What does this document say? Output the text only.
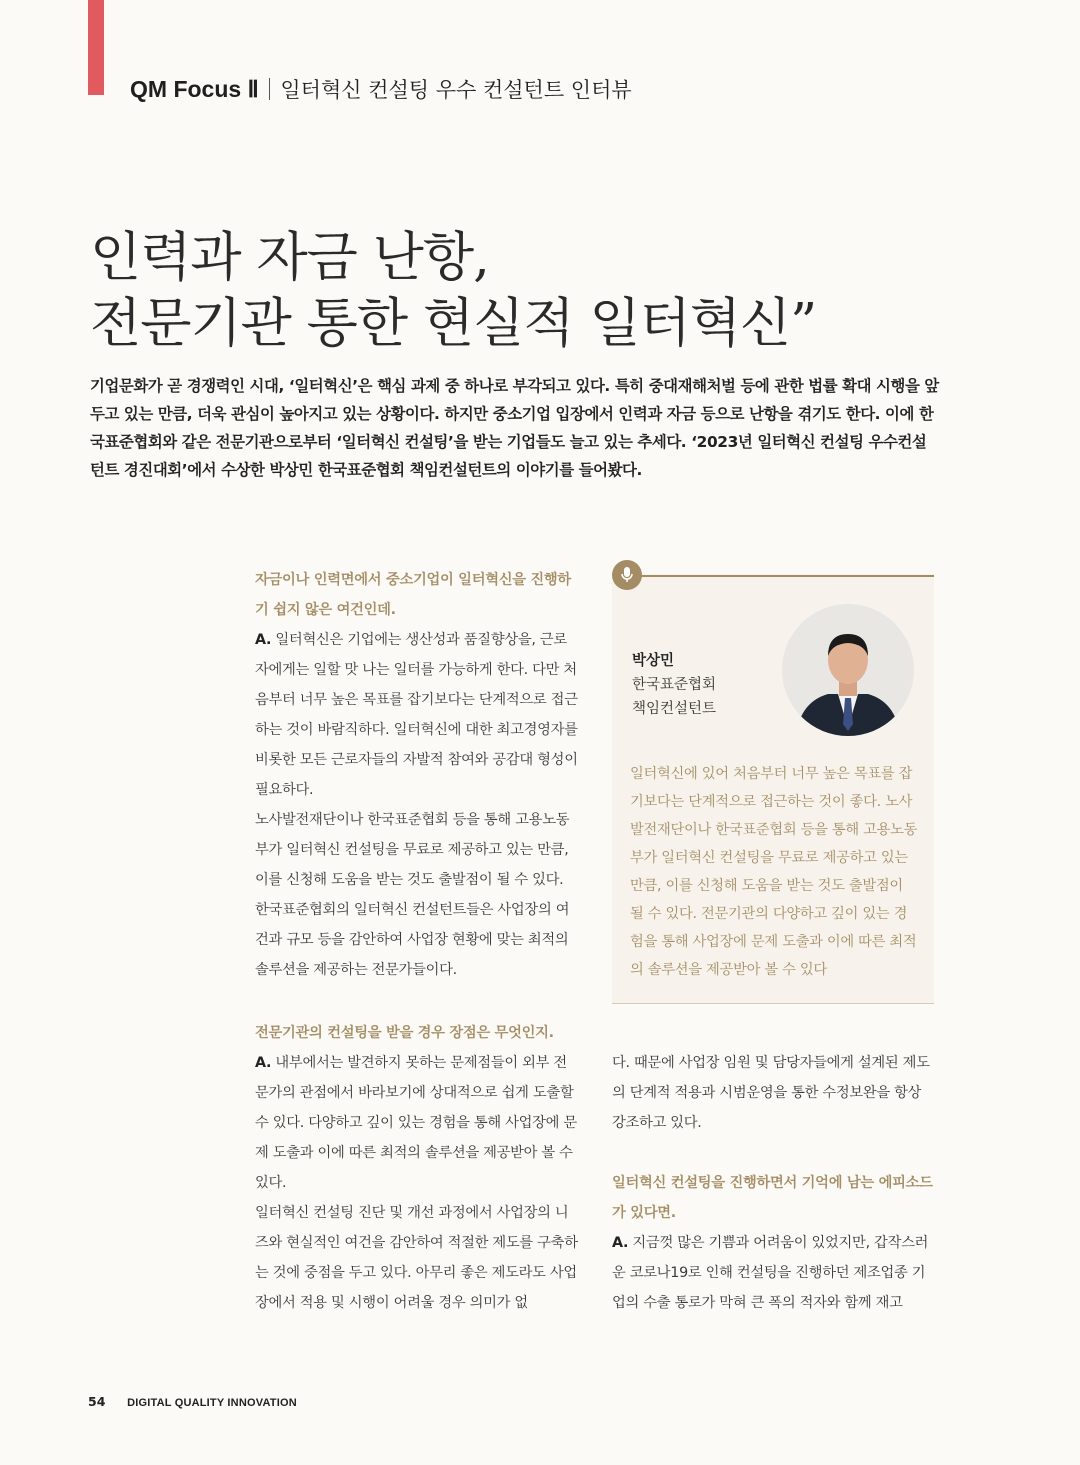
QM Focus Ⅱ 일터혁신 컨설팅 우수 컨설턴트 인터뷰
인력과 자금 난항,
전문기관 통한 현실적 일터혁신”

기업문화가 곧 경쟁력인 시대, ‘일터혁신’은 핵심 과제 중 하나로 부각되고 있다. 특히 중대재해처벌 등에 관한 법률 확대 시행을 앞두고 있는 만큼, 더욱 관심이 높아지고 있는 상황이다. 하지만 중소기업 입장에서 인력과 자금 등으로 난항을 겪기도 한다. 이에 한국표준협회와 같은 전문기관으로부터 ‘일터혁신 컨설팅’을 받는 기업들도 늘고 있는 추세다. ‘2023년 일터혁신 컨설팅 우수컨설턴트 경진대회’에서 수상한 박상민 한국표준협회 책임컨설턴트의 이야기를 들어봤다.

자금이나 인력면에서 중소기업이 일터혁신을 진행하기 쉽지 않은 여건인데.

A. 일터혁신은 기업에는 생산성과 품질향상을, 근로자에게는 일할 맛 나는 일터를 가능하게 한다. 다만 처음부터 너무 높은 목표를 잡기보다는 단계적으로 접근하는 것이 바람직하다. 일터혁신에 대한 최고경영자를 비롯한 모든 근로자들의 자발적 참여와 공감대 형성이 필요하다.

노사발전재단이나 한국표준협회 등을 통해 고용노동부가 일터혁신 컨설팅을 무료로 제공하고 있는 만큼, 이를 신청해 도움을 받는 것도 출발점이 될 수 있다. 한국표준협회의 일터혁신 컨설턴트들은 사업장의 여건과 규모 등을 감안하여 사업장 현황에 맞는 최적의 솔루션을 제공하는 전문가들이다.

전문기관의 컨설팅을 받을 경우 장점은 무엇인지.

A. 내부에서는 발견하지 못하는 문제점들이 외부 전문가의 관점에서 바라보기에 상대적으로 쉽게 도출할 수 있다. 다양하고 깊이 있는 경험을 통해 사업장에 문제 도출과 이에 따른 최적의 솔루션을 제공받아 볼 수 있다.

일터혁신 컨설팅 진단 및 개선 과정에서 사업장의 니즈와 현실적인 여건을 감안하여 적절한 제도를 구축하는 것에 중점을 두고 있다. 아무리 좋은 제도라도 사업장에서 적용 및 시행이 어려울 경우 의미가 없

박상민
한국표준협회
책임컨설턴트
일터혁신에 있어 처음부터 너무 높은 목표를 잡기보다는 단계적으로 접근하는 것이 좋다. 노사발전재단이나 한국표준협회 등을 통해 고용노동부가 일터혁신 컨설팅을 무료로 제공하고 있는 만큼, 이를 신청해 도움을 받는 것도 출발점이 될 수 있다. 전문기관의 다양하고 깊이 있는 경험을 통해 사업장에 문제 도출과 이에 따른 최적의 솔루션을 제공받아 볼 수 있다

다. 때문에 사업장 임원 및 담당자들에게 설계된 제도의 단계적 적용과 시범운영을 통한 수정보완을 항상 강조하고 있다.

일터혁신 컨설팅을 진행하면서 기억에 남는 에피소드가 있다면.

A. 지금껏 많은 기쁨과 어려움이 있었지만, 갑작스러운 코로나19로 인해 컨설팅을 진행하던 제조업종 기업의 수출 통로가 막혀 큰 폭의 적자와 함께 재고

54 DIGITAL QUALITY INNOVATION
